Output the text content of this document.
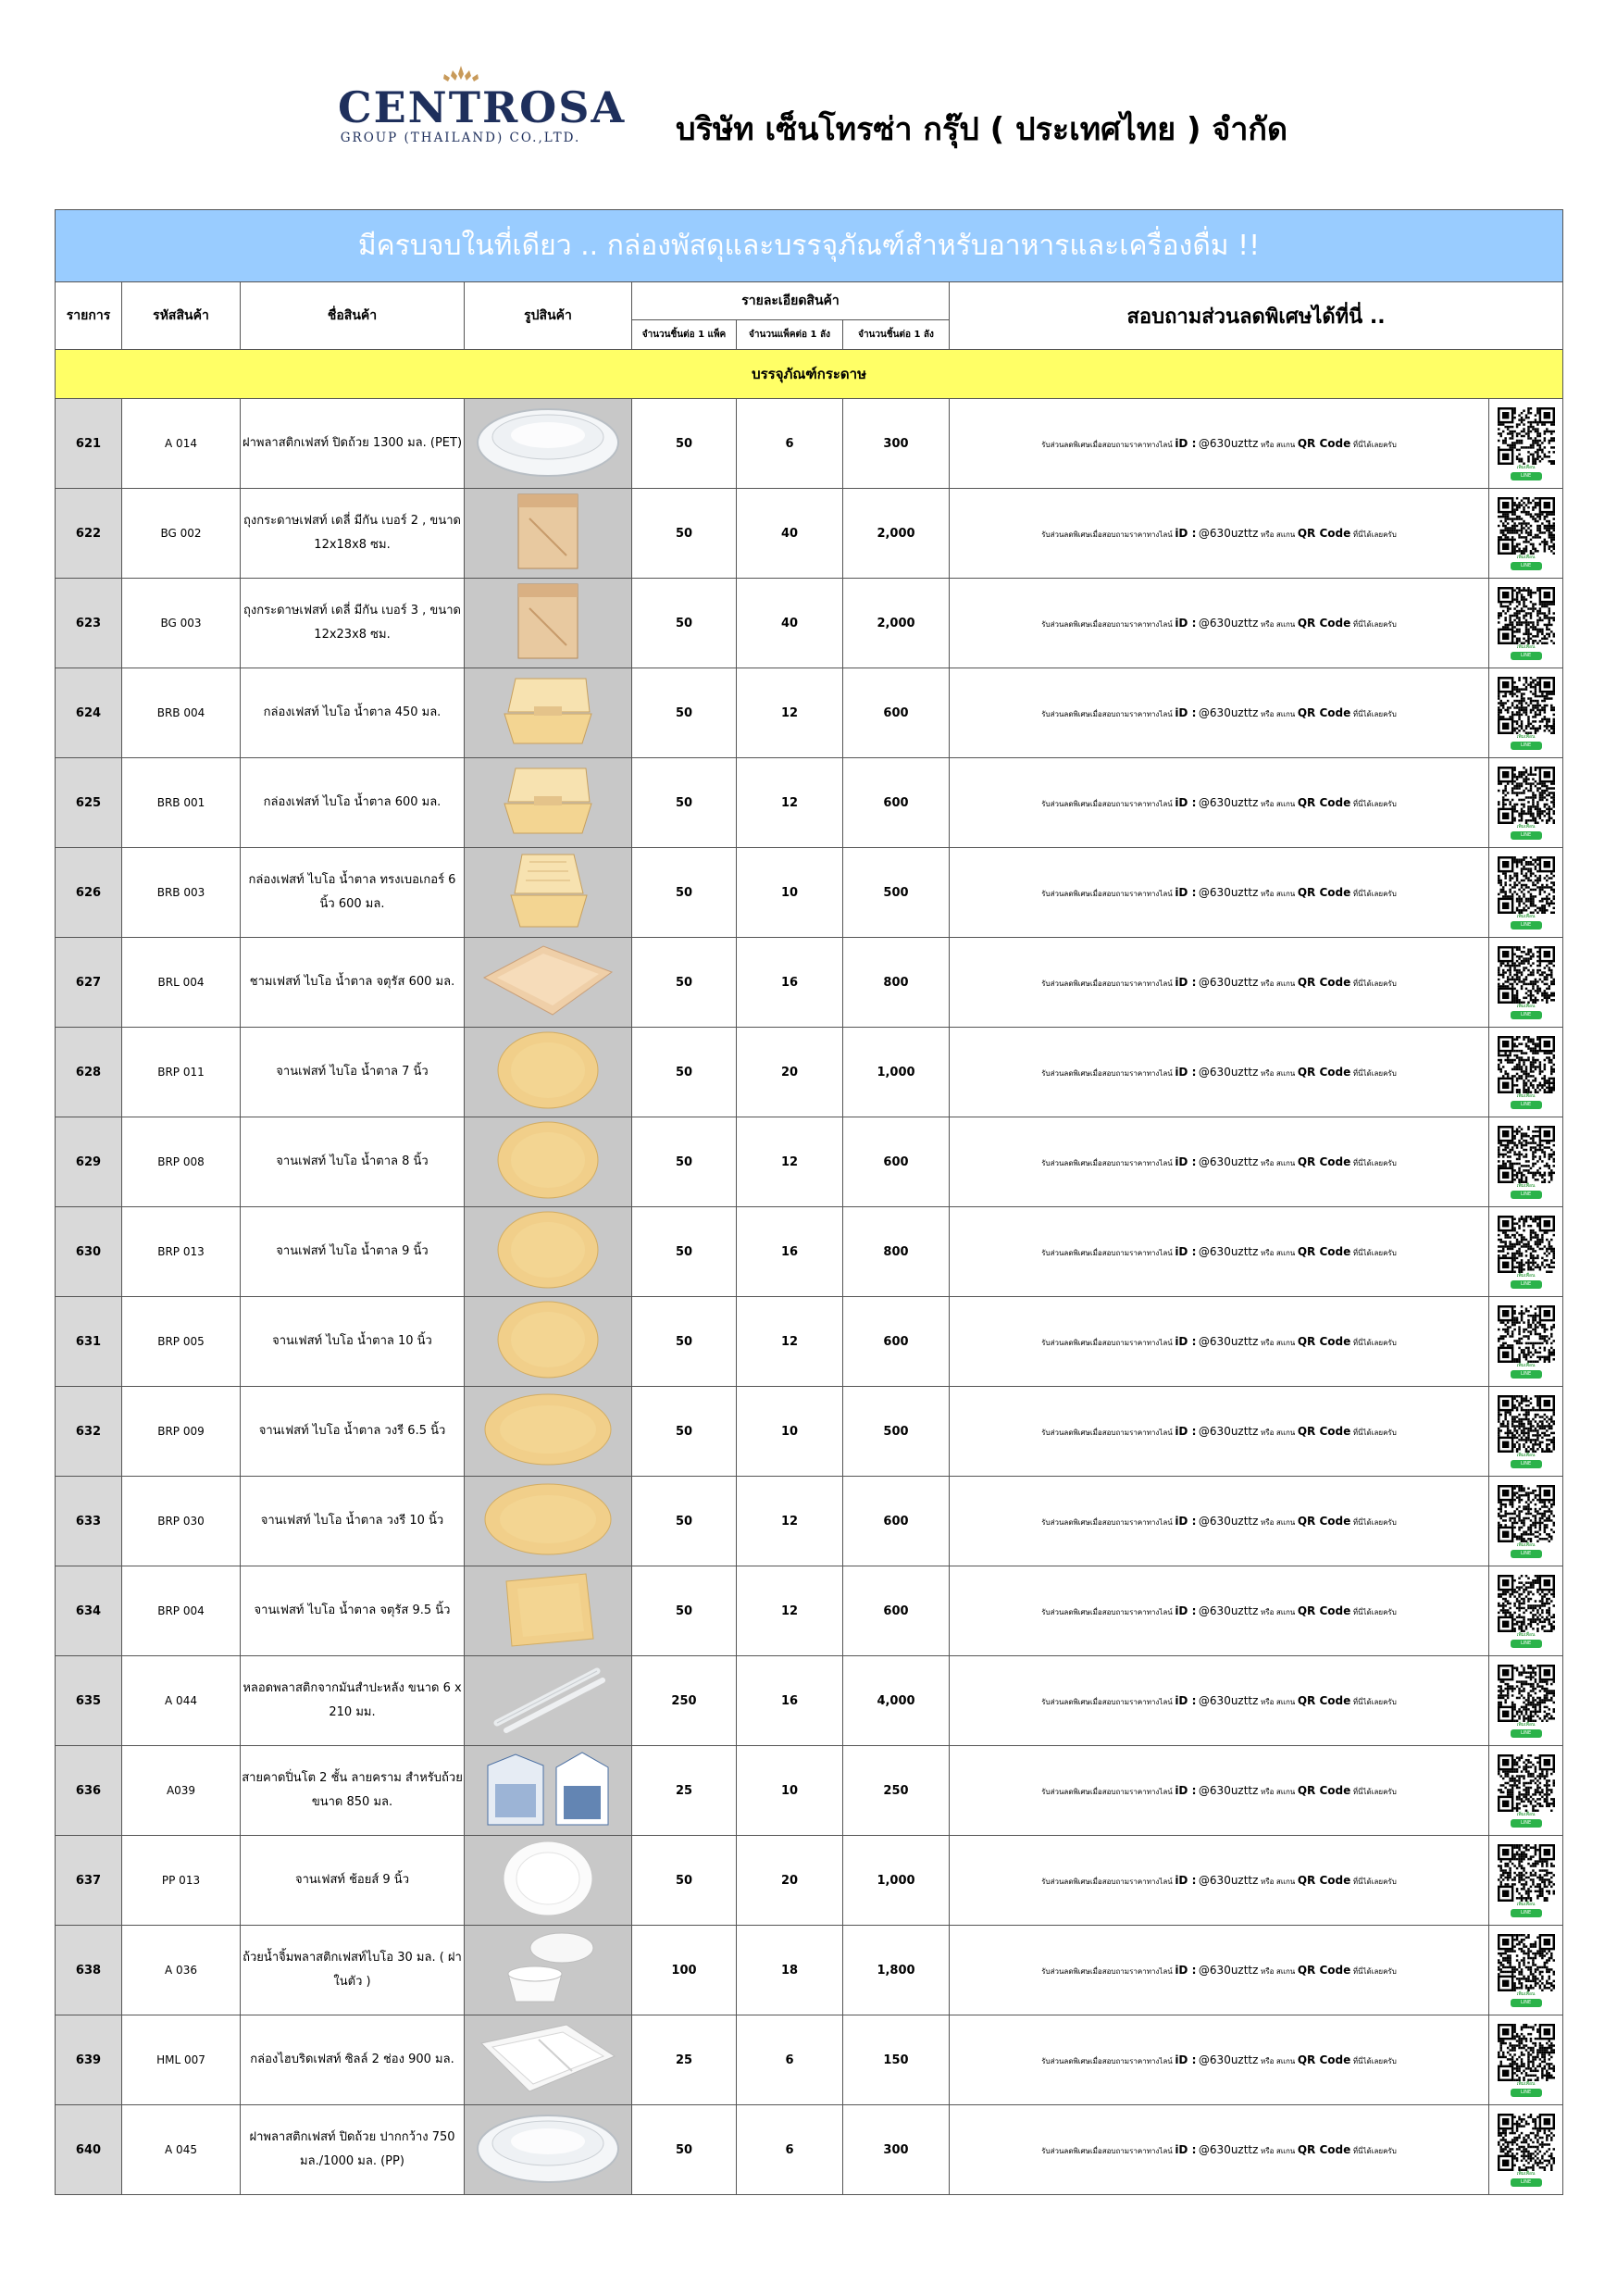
CENTROSA
GROUP (THAILAND) CO.,LTD.	บริษัท เซ็นโทรซ่า กรุ๊ป ( ประเทศไทย ) จำกัด
มีครบจบในที่เดียว .. กล่องพัสดุและบรรจุภัณฑ์สำหรับอาหารและเครื่องดื่ม !!								
รายการ	รหัสสินค้า	ชื่อสินค้า	รูปสินค้า	รายละเอียดสินค้า			สอบถามส่วนลดพิเศษได้ที่นี่ ..	
				จำนวนชิ้นต่อ 1 แพ็ค	จำนวนแพ็คต่อ 1 ลัง	จำนวนชิ้นต่อ 1 ลัง		
บรรจุภัณฑ์กระดาษ								
621	A 014	ฝาพลาสติกเฟสท์ ปิดถ้วย 1300 มล. (PET)		50	6	300	รับส่วนลดพิเศษเมื่อสอบถามราคาทางไลน์ iD : @630uzttz หรือ สแกน QR Code ที่นี่ได้เลยครับ	เพิ่มเพื่อน
LINE

622	BG 002	ถุงกระดาษเฟสท์ เดลี่ มีกัน เบอร์ 2 , ขนาด 12x18x8 ซม.		50	40	2,000	รับส่วนลดพิเศษเมื่อสอบถามราคาทางไลน์ iD : @630uzttz หรือ สแกน QR Code ที่นี่ได้เลยครับ	เพิ่มเพื่อน
LINE

623	BG 003	ถุงกระดาษเฟสท์ เดลี่ มีกัน เบอร์ 3 , ขนาด 12x23x8 ซม.		50	40	2,000	รับส่วนลดพิเศษเมื่อสอบถามราคาทางไลน์ iD : @630uzttz หรือ สแกน QR Code ที่นี่ได้เลยครับ	เพิ่มเพื่อน
LINE

624	BRB 004	กล่องเฟสท์ ไบโอ น้ำตาล 450 มล.		50	12	600	รับส่วนลดพิเศษเมื่อสอบถามราคาทางไลน์ iD : @630uzttz หรือ สแกน QR Code ที่นี่ได้เลยครับ	เพิ่มเพื่อน
LINE

625	BRB 001	กล่องเฟสท์ ไบโอ น้ำตาล 600 มล.		50	12	600	รับส่วนลดพิเศษเมื่อสอบถามราคาทางไลน์ iD : @630uzttz หรือ สแกน QR Code ที่นี่ได้เลยครับ	เพิ่มเพื่อน
LINE

626	BRB 003	กล่องเฟสท์ ไบโอ น้ำตาล ทรงเบอเกอร์ 6 นิ้ว 600 มล.		50	10	500	รับส่วนลดพิเศษเมื่อสอบถามราคาทางไลน์ iD : @630uzttz หรือ สแกน QR Code ที่นี่ได้เลยครับ	เพิ่มเพื่อน
LINE

627	BRL 004	ชามเฟสท์ ไบโอ น้ำตาล จตุรัส 600 มล.		50	16	800	รับส่วนลดพิเศษเมื่อสอบถามราคาทางไลน์ iD : @630uzttz หรือ สแกน QR Code ที่นี่ได้เลยครับ	เพิ่มเพื่อน
LINE

628	BRP 011	จานเฟสท์ ไบโอ น้ำตาล 7 นิ้ว		50	20	1,000	รับส่วนลดพิเศษเมื่อสอบถามราคาทางไลน์ iD : @630uzttz หรือ สแกน QR Code ที่นี่ได้เลยครับ	เพิ่มเพื่อน
LINE

629	BRP 008	จานเฟสท์ ไบโอ น้ำตาล 8 นิ้ว		50	12	600	รับส่วนลดพิเศษเมื่อสอบถามราคาทางไลน์ iD : @630uzttz หรือ สแกน QR Code ที่นี่ได้เลยครับ	เพิ่มเพื่อน
LINE

630	BRP 013	จานเฟสท์ ไบโอ น้ำตาล 9 นิ้ว		50	16	800	รับส่วนลดพิเศษเมื่อสอบถามราคาทางไลน์ iD : @630uzttz หรือ สแกน QR Code ที่นี่ได้เลยครับ	เพิ่มเพื่อน
LINE

631	BRP 005	จานเฟสท์ ไบโอ น้ำตาล 10 นิ้ว		50	12	600	รับส่วนลดพิเศษเมื่อสอบถามราคาทางไลน์ iD : @630uzttz หรือ สแกน QR Code ที่นี่ได้เลยครับ	เพิ่มเพื่อน
LINE

632	BRP 009	จานเฟสท์ ไบโอ น้ำตาล วงรี 6.5 นิ้ว		50	10	500	รับส่วนลดพิเศษเมื่อสอบถามราคาทางไลน์ iD : @630uzttz หรือ สแกน QR Code ที่นี่ได้เลยครับ	เพิ่มเพื่อน
LINE

633	BRP 030	จานเฟสท์ ไบโอ น้ำตาล วงรี 10 นิ้ว		50	12	600	รับส่วนลดพิเศษเมื่อสอบถามราคาทางไลน์ iD : @630uzttz หรือ สแกน QR Code ที่นี่ได้เลยครับ	เพิ่มเพื่อน
LINE

634	BRP 004	จานเฟสท์ ไบโอ น้ำตาล จตุรัส 9.5 นิ้ว		50	12	600	รับส่วนลดพิเศษเมื่อสอบถามราคาทางไลน์ iD : @630uzttz หรือ สแกน QR Code ที่นี่ได้เลยครับ	เพิ่มเพื่อน
LINE

635	A 044	หลอดพลาสติกจากมันสำปะหลัง ขนาด 6 x 210 มม.		250	16	4,000	รับส่วนลดพิเศษเมื่อสอบถามราคาทางไลน์ iD : @630uzttz หรือ สแกน QR Code ที่นี่ได้เลยครับ	เพิ่มเพื่อน
LINE

636	A039	สายคาดปิ่นโต 2 ชั้น ลายคราม สำหรับถ้วยขนาด 850 มล.		25	10	250	รับส่วนลดพิเศษเมื่อสอบถามราคาทางไลน์ iD : @630uzttz หรือ สแกน QR Code ที่นี่ได้เลยครับ	เพิ่มเพื่อน
LINE

637	PP 013	จานเฟสท์ ช้อยส์ 9 นิ้ว		50	20	1,000	รับส่วนลดพิเศษเมื่อสอบถามราคาทางไลน์ iD : @630uzttz หรือ สแกน QR Code ที่นี่ได้เลยครับ	เพิ่มเพื่อน
LINE

638	A 036	ถ้วยน้ำจิ้มพลาสติกเฟสท์ไบโอ 30 มล. ( ฝาในตัว )		100	18	1,800	รับส่วนลดพิเศษเมื่อสอบถามราคาทางไลน์ iD : @630uzttz หรือ สแกน QR Code ที่นี่ได้เลยครับ	เพิ่มเพื่อน
LINE

639	HML 007	กล่องไฮบริดเฟสท์ ซิลล์ 2 ช่อง 900 มล.		25	6	150	รับส่วนลดพิเศษเมื่อสอบถามราคาทางไลน์ iD : @630uzttz หรือ สแกน QR Code ที่นี่ได้เลยครับ	เพิ่มเพื่อน
LINE

640	A 045	ฝาพลาสติกเฟสท์ ปิดถ้วย ปากกว้าง 750 มล./1000 มล. (PP)		50	6	300	รับส่วนลดพิเศษเมื่อสอบถามราคาทางไลน์ iD : @630uzttz หรือ สแกน QR Code ที่นี่ได้เลยครับ	เพิ่มเพื่อน
LINE
